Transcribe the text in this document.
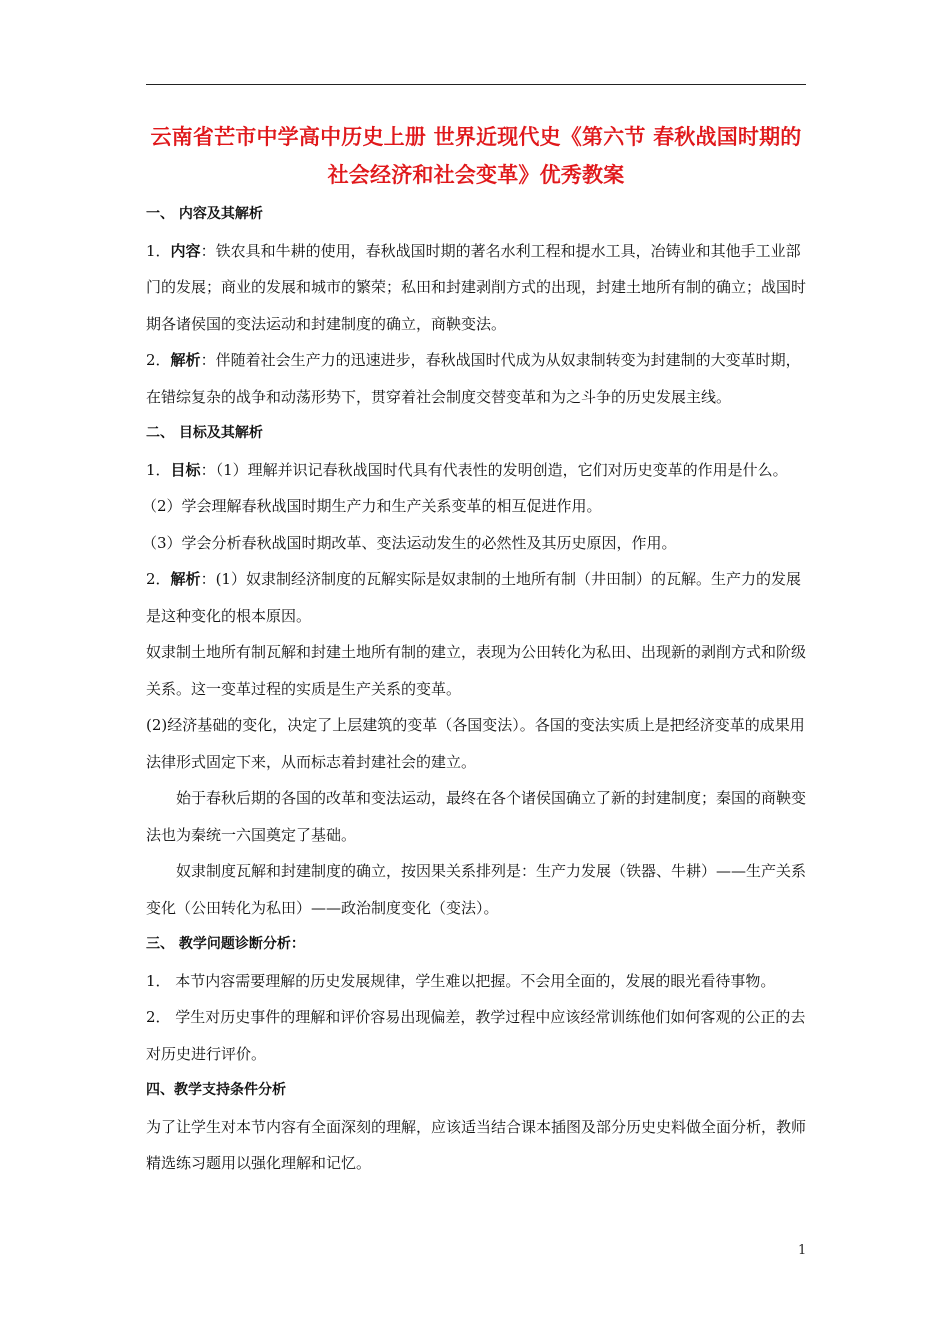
云南省芒市中学高中历史上册 世界近现代史《第六节 春秋战国时期的社会经济和社会变革》优秀教案

一、 内容及其解析

1．内容：铁农具和牛耕的使用，春秋战国时期的著名水利工程和提水工具，冶铸业和其他手工业部门的发展；商业的发展和城市的繁荣；私田和封建剥削方式的出现，封建土地所有制的确立；战国时期各诸侯国的变法运动和封建制度的确立，商鞅变法。

2．解析：伴随着社会生产力的迅速进步，春秋战国时代成为从奴隶制转变为封建制的大变革时期，在错综复杂的战争和动荡形势下，贯穿着社会制度交替变革和为之斗争的历史发展主线。

二、 目标及其解析

1．目标：（1）理解并识记春秋战国时代具有代表性的发明创造，它们对历史变革的作用是什么。

（2）学会理解春秋战国时期生产力和生产关系变革的相互促进作用。

（3）学会分析春秋战国时期改革、变法运动发生的必然性及其历史原因，作用。

2．解析：(1）奴隶制经济制度的瓦解实际是奴隶制的土地所有制（井田制）的瓦解。生产力的发展是这种变化的根本原因。

奴隶制土地所有制瓦解和封建土地所有制的建立，表现为公田转化为私田、出现新的剥削方式和阶级关系。这一变革过程的实质是生产关系的变革。

(2)经济基础的变化，决定了上层建筑的变革（各国变法）。各国的变法实质上是把经济变革的成果用法律形式固定下来，从而标志着封建社会的建立。

始于春秋后期的各国的改革和变法运动，最终在各个诸侯国确立了新的封建制度；秦国的商鞅变法也为秦统一六国奠定了基础。

奴隶制度瓦解和封建制度的确立，按因果关系排列是：生产力发展（铁器、牛耕）——生产关系变化（公田转化为私田）——政治制度变化（变法）。

三、 教学问题诊断分析：

1． 本节内容需要理解的历史发展规律，学生难以把握。不会用全面的，发展的眼光看待事物。

2． 学生对历史事件的理解和评价容易出现偏差，教学过程中应该经常训练他们如何客观的公正的去对历史进行评价。

四、教学支持条件分析

为了让学生对本节内容有全面深刻的理解，应该适当结合课本插图及部分历史史料做全面分析，教师精选练习题用以强化理解和记忆。

1
